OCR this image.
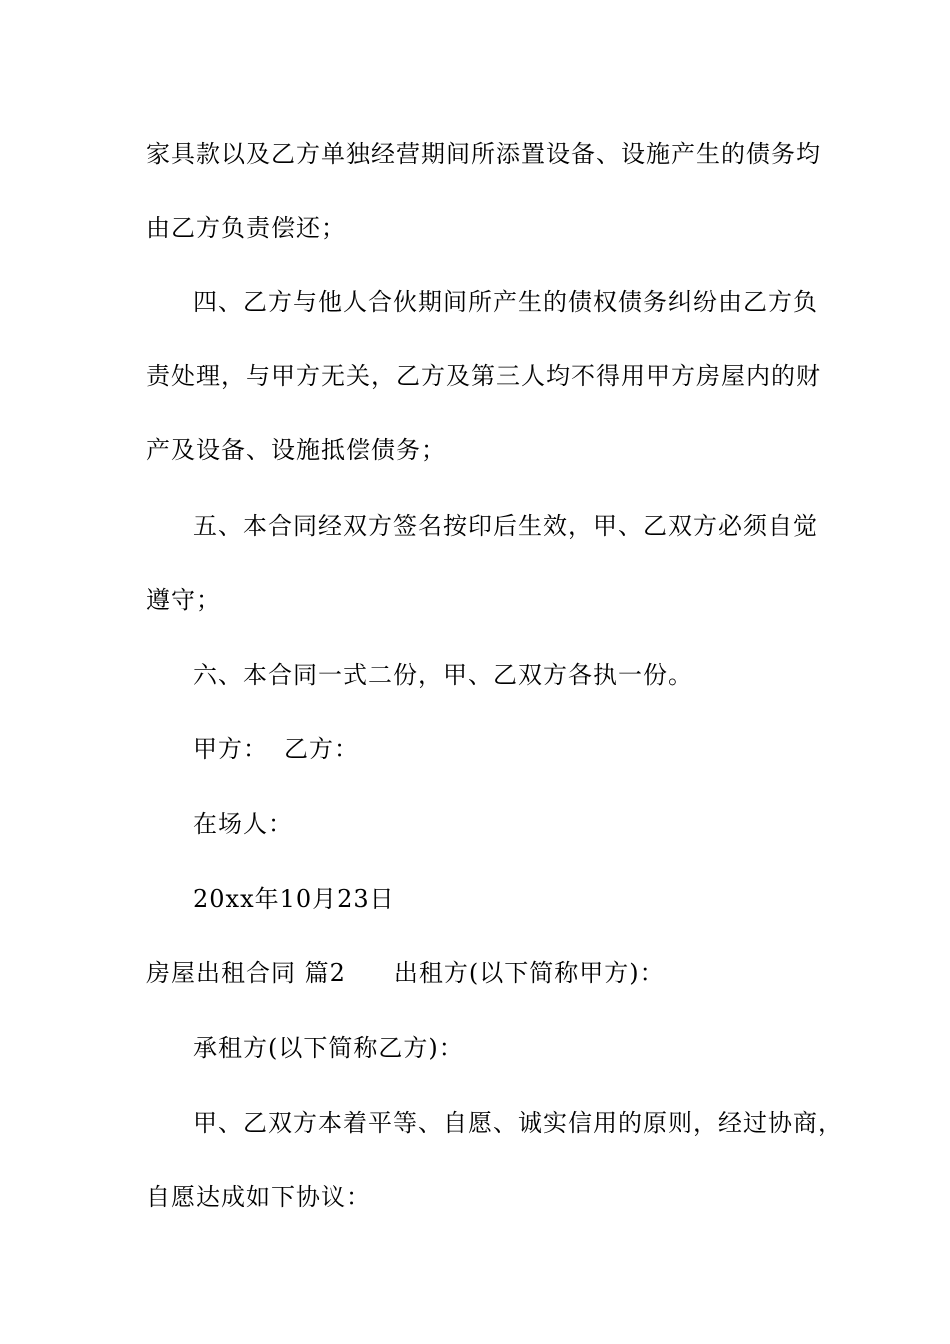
家具款以及乙方单独经营期间所添置设备、设施产生的债务均
由乙方负责偿还；
四、乙方与他人合伙期间所产生的债权债务纠纷由乙方负
责处理，与甲方无关，乙方及第三人均不得用甲方房屋内的财
产及设备、设施抵偿债务；
五、本合同经双方签名按印后生效，甲、乙双方必须自觉
遵守；
六、本合同一式二份，甲、乙双方各执一份。
甲方： 乙方：
在场人：
20xx年10月23日
房屋出租合同 篇2 出租方(以下简称甲方)：
承租方(以下简称乙方)：
甲、乙双方本着平等、自愿、诚实信用的原则，经过协商，
自愿达成如下协议：
